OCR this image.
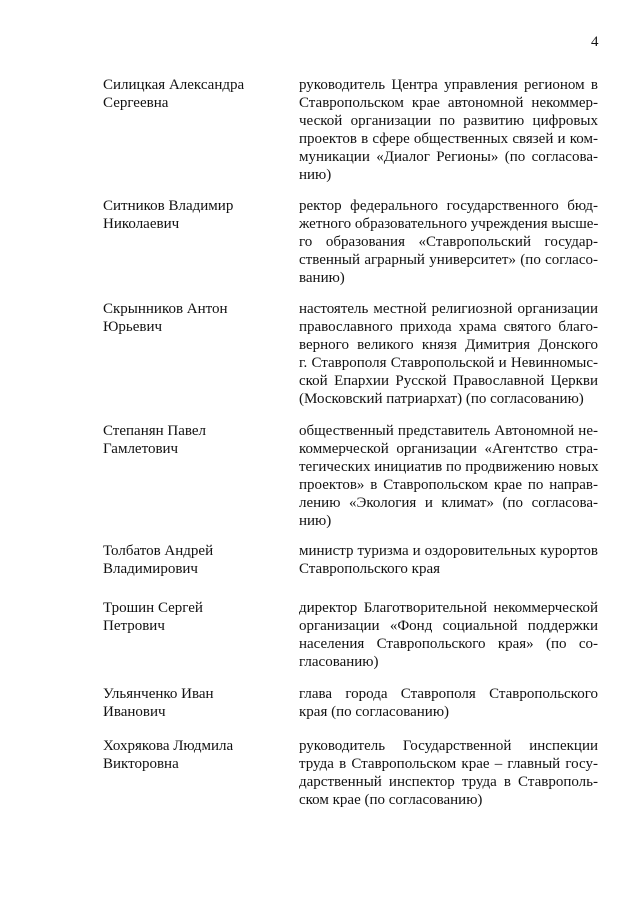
4
Силицкая Александра
Сергеевна
руководитель Центра управления регионом в
Ставропольском крае автономной некоммер-
ческой организации по развитию цифровых
проектов в сфере общественных связей и ком-
муникации «Диалог Регионы» (по согласова-
нию)
Ситников Владимир
Николаевич
ректор федерального государственного бюд-
жетного образовательного учреждения высше-
го образования «Ставропольский государ-
ственный аграрный университет» (по согласо-
ванию)
Скрынников Антон
Юрьевич
настоятель местной религиозной организации
православного прихода храма святого благо-
верного великого князя Димитрия Донского
г. Ставрополя Ставропольской и Невинномыс-
ской Епархии Русской Православной Церкви
(Московский патриархат) (по согласованию)
Степанян Павел
Гамлетович
общественный представитель Автономной не-
коммерческой организации «Агентство стра-
тегических инициатив по продвижению новых
проектов» в Ставропольском крае по направ-
лению «Экология и климат» (по согласова-
нию)
Толбатов Андрей
Владимирович
министр туризма и оздоровительных курортов
Ставропольского края
Трошин Сергей
Петрович
директор Благотворительной некоммерческой
организации «Фонд социальной поддержки
населения Ставропольского края» (по со-
гласованию)
Ульянченко Иван
Иванович
глава города Ставрополя Ставропольского
края (по согласованию)
Хохрякова Людмила
Викторовна
руководитель Государственной инспекции
труда в Ставропольском крае – главный госу-
дарственный инспектор труда в Ставрополь-
ском крае (по согласованию)
